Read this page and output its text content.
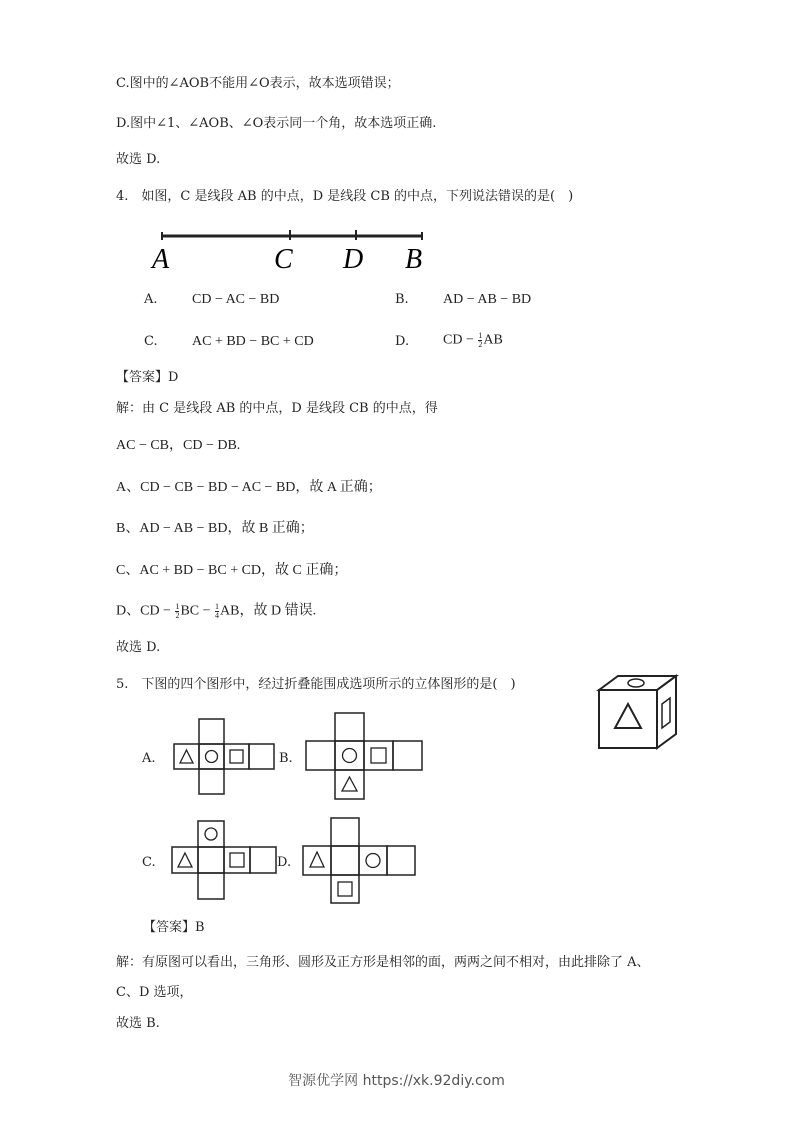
C.图中的∠AOB不能用∠O表示，故本选项错误；
D.图中∠1、∠AOB、∠O表示同一个角，故本选项正确.
故选 D.
4.　如图，C 是线段 AB 的中点，D 是线段 CB 的中点，下列说法错误的是(　)
A	C D B
A. CD − AC − BD	B. AD − AB − BD
C. AC + BD − BC + CD	D. CD − $\frac{1}{2}$ AB
【答案】D
解：由 C 是线段 AB 的中点，D 是线段 CB 的中点，得
AC − CB，CD − DB.
A、CD − CB − BD − AC − BD，故 A 正确；
B、AD − AB − BD，故 B 正确；
C、AC + BD − BC + CD，故 C 正确；
D、CD − $\frac{1}{2}$ BC − $\frac{1}{4}$ AB，故 D 错误.
故选 D.
5.　下图的四个图形中，经过折叠能围成选项所示的立体图形的是(　)
A.	B.
C.	D.
【答案】B
解：有原图可以看出，三角形、圆形及正方形是相邻的面，两两之间不相对，由此排除了 A、
C、D 选项，
故选 B.
智源优学网 https://xk.92diy.com
